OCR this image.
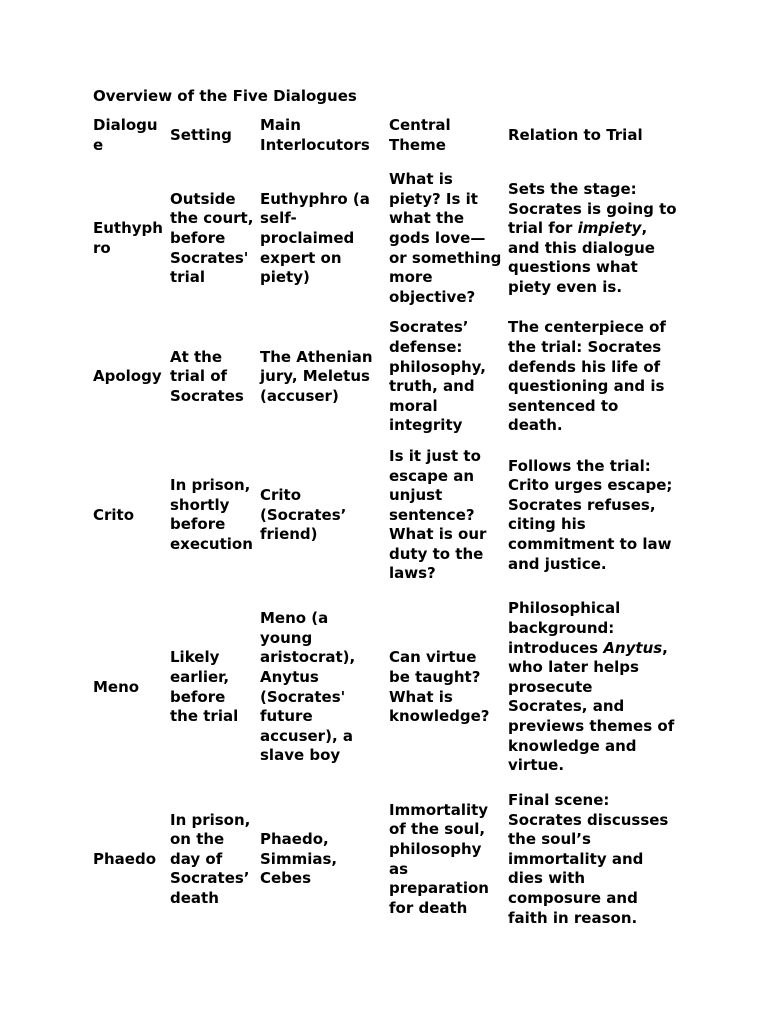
Overview of the Five Dialogues
Dialogue	Setting	Main Interlocutors	Central Theme	Relation to Trial
Euthyphro	Outside the court, before Socrates' trial	Euthyphro (a self-proclaimed expert on piety)	What is piety? Is it what the gods love—or something more objective?	Sets the stage: Socrates is going to trial for impiety, and this dialogue questions what piety even is.
Apology	At the trial of Socrates	The Athenian jury, Meletus (accuser)	Socrates’ defense: philosophy, truth, and moral integrity	The centerpiece of the trial: Socrates defends his life of questioning and is sentenced to death.
Crito	In prison, shortly before execution	Crito (Socrates’ friend)	Is it just to escape an unjust sentence? What is our duty to the laws?	Follows the trial: Crito urges escape; Socrates refuses, citing his commitment to law and justice.
Meno	Likely earlier, before the trial	Meno (a young aristocrat), Anytus (Socrates' future accuser), a slave boy	Can virtue be taught? What is knowledge?	Philosophical background: introduces Anytus, who later helps prosecute Socrates, and previews themes of knowledge and virtue.
Phaedo	In prison, on the day of Socrates’ death	Phaedo, Simmias, Cebes	Immortality of the soul, philosophy as preparation for death	Final scene: Socrates discusses the soul’s immortality and dies with composure and faith in reason.
